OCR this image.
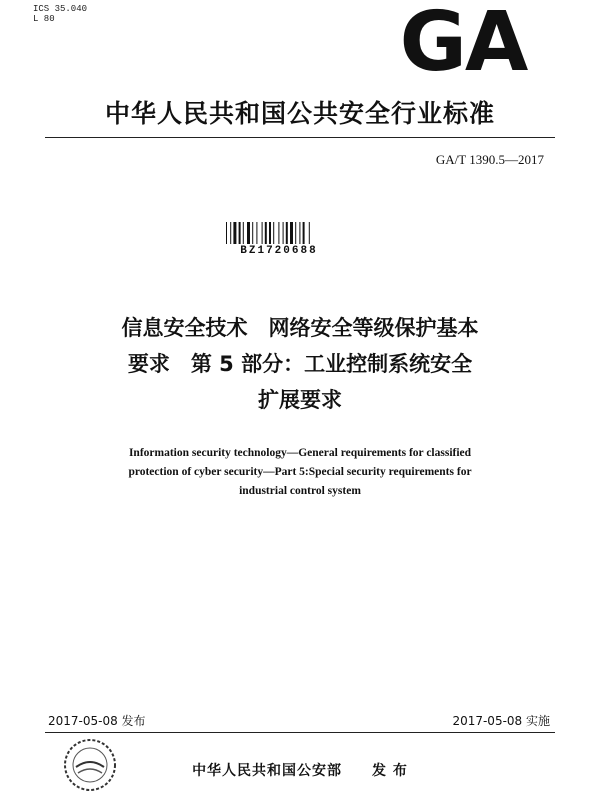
ICS 35.040
L 80	GA
中华人民共和国公共安全行业标准
GA/T 1390.5—2017
BZ1720688
信息安全技术　网络安全等级保护基本
要求　第 5 部分：工业控制系统安全
扩展要求
Information security technology—General requirements for classified
protection of cyber security—Part 5:Special security requirements for
industrial control system
2017-05-08 发布	2017-05-08 实施
中华人民共和国公安部　　发 布
